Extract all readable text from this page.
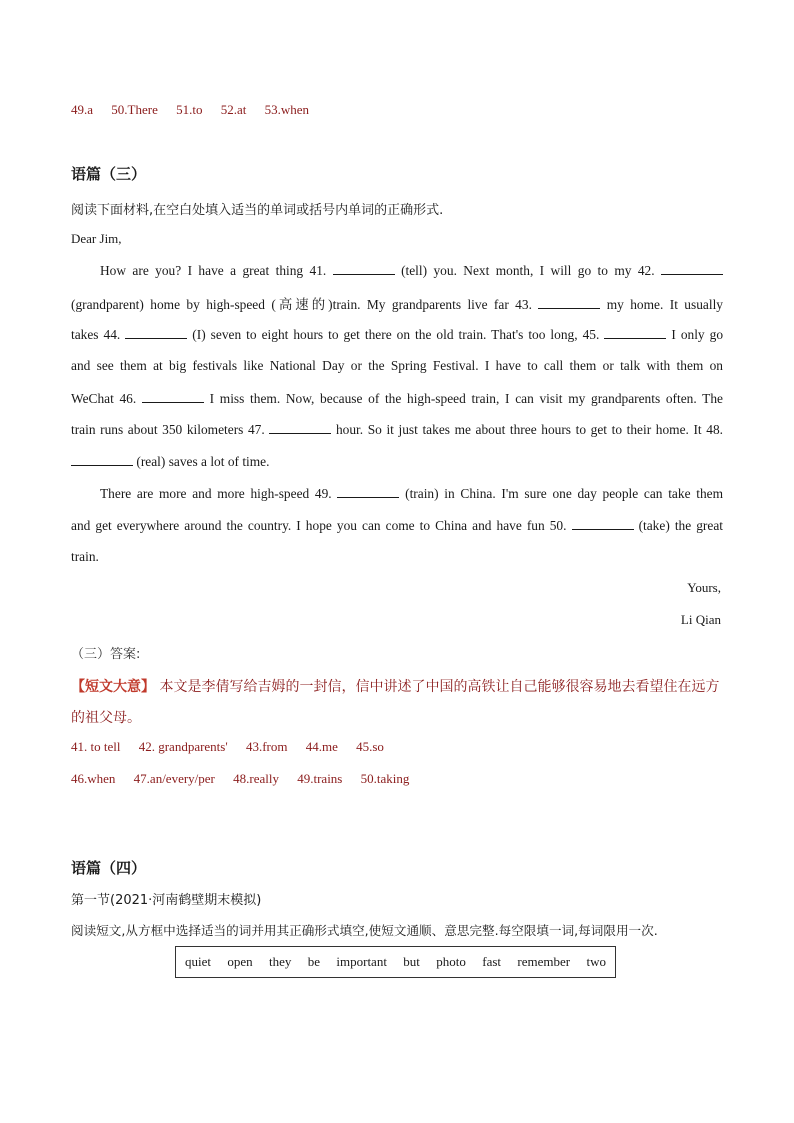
49.a 50.There 51.to 52.at 53.when
语篇（三）
阅读下面材料,在空白处填入适当的单词或括号内单词的正确形式.
Dear Jim,
How are you? I have a great thing 41.	(tell) you. Next month, I will go to my 42.
(grandparent) home by high-speed (高速的)train. My grandparents live far 43.	my home. It usually
takes 44.	(I) seven to eight hours to get there on the old train. That's too long, 45.	I only go
and see them at big festivals like National Day or the Spring Festival. I have to call them or talk with them on
WeChat 46.	I miss them. Now, because of the high-speed train, I can visit my grandparents often. The
train runs about 350 kilometers 47.	hour. So it just takes me about three hours to get to their home. It 48.
(real) saves a lot of time.
There are more and more high-speed 49.	(train) in China. I'm sure one day people can take them
and get everywhere around the country. I hope you can come to China and have fun 50.	(take) the great
train.
Yours,
Li Qian
（三）答案:
【短文大意】 本文是李倩写给吉姆的一封信，信中讲述了中国的高铁让自己能够很容易地去看望住在远方
的祖父母。
41. to tell 42. grandparents' 43.from 44.me 45.so
46.when 47.an/every/per 48.really 49.trains 50.taking
语篇（四）
第一节(2021·河南鹤壁期末模拟)
阅读短文,从方框中选择适当的词并用其正确形式填空,使短文通顺、意思完整.每空限填一词,每词限用一次.
quiet open they be important but photo fast remember two
